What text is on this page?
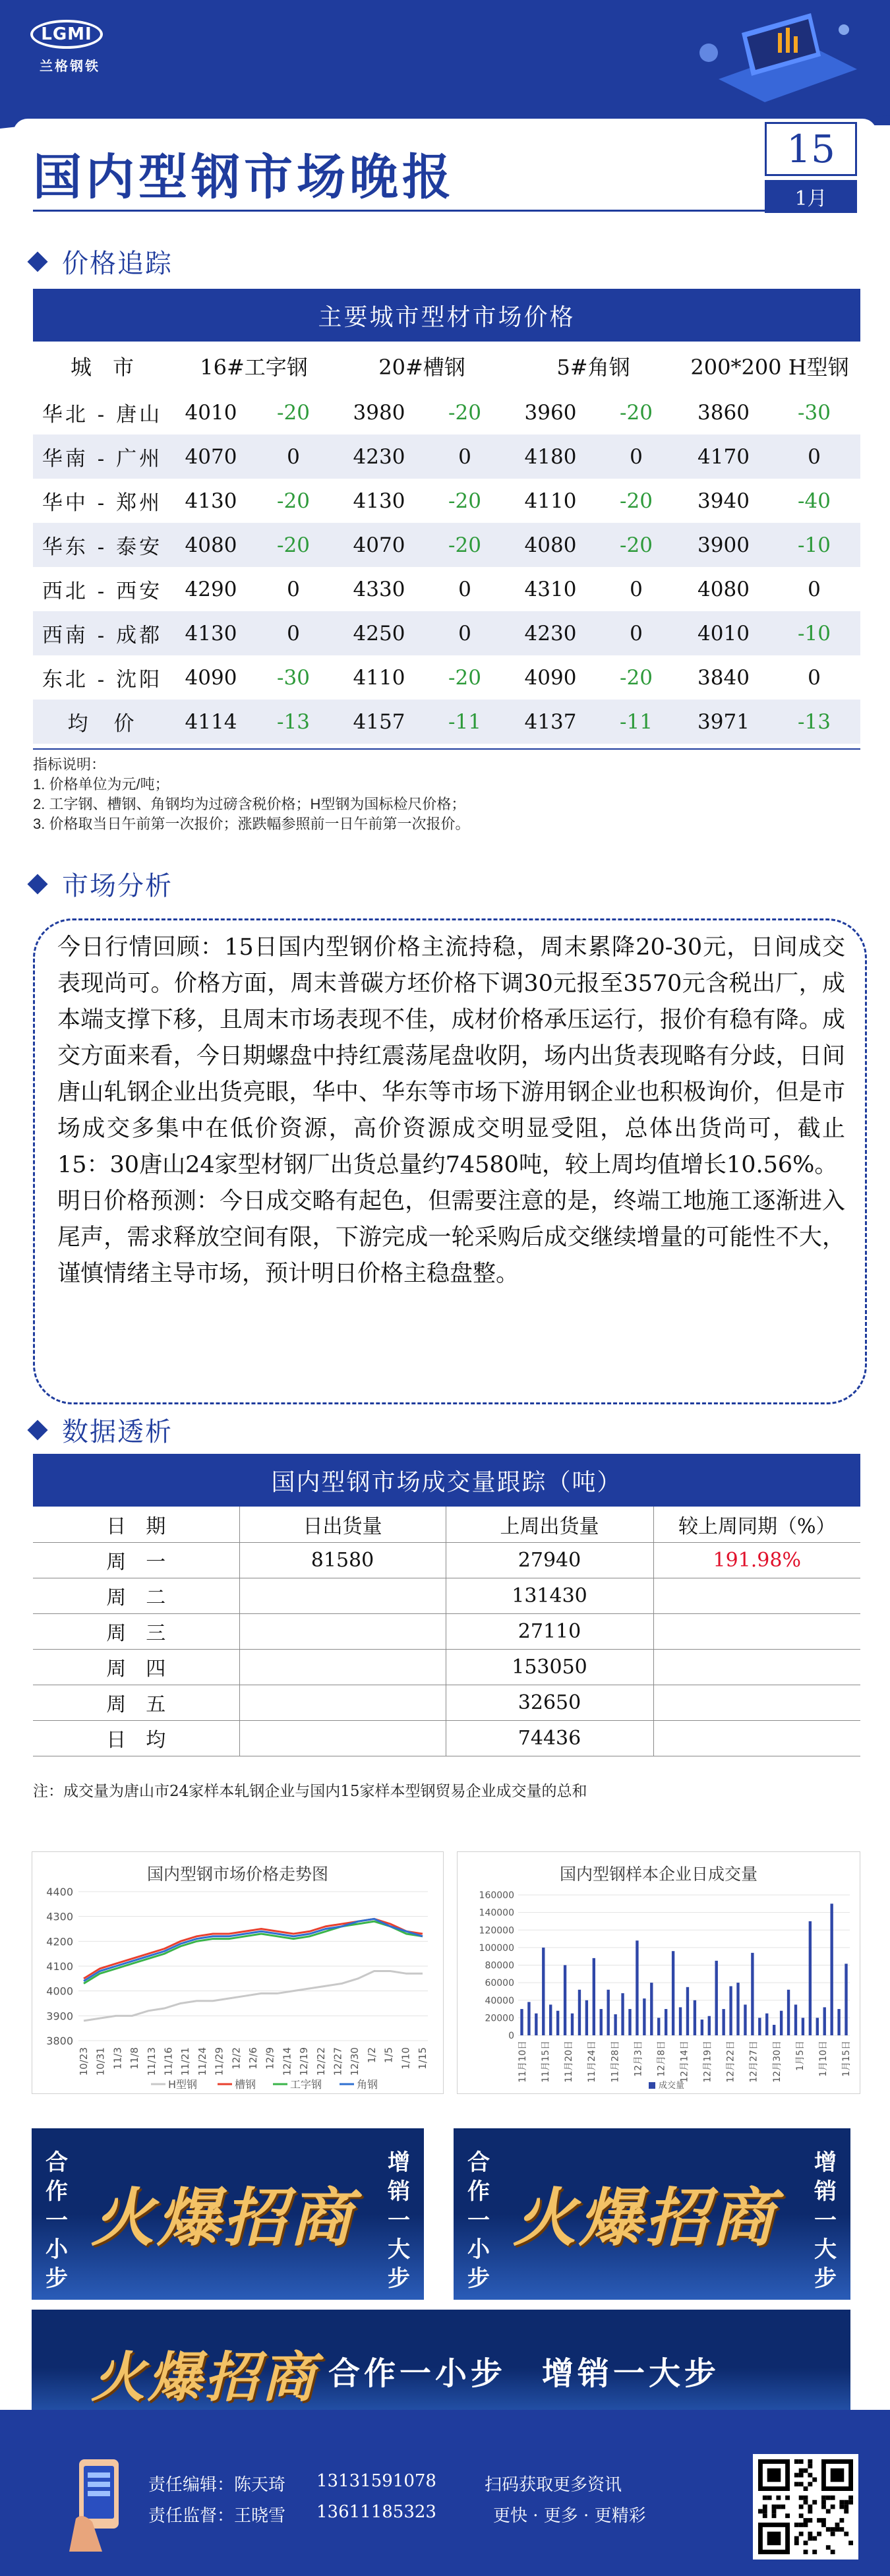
LGMI
兰格钢铁
国内型钢市场晚报	15
1月
价格追踪
主要城市型材市场价格
城　市	16#工字钢		20#槽钢		5#角钢		200*200 H型钢	
华北 - 唐山	4010	-20	3980	-20	3960	-20	3860	-30
华南 - 广州	4070	0	4230	0	4180	0	4170	0
华中 - 郑州	4130	-20	4130	-20	4110	-20	3940	-40
华东 - 泰安	4080	-20	4070	-20	4080	-20	3900	-10
西北 - 西安	4290	0	4330	0	4310	0	4080	0
西南 - 成都	4130	0	4250	0	4230	0	4010	-10
东北 - 沈阳	4090	-30	4110	-20	4090	-20	3840	0
均　价	4114	-13	4157	-11	4137	-11	3971	-13
指标说明：
1. 价格单位为元/吨；
2. 工字钢、槽钢、角钢均为过磅含税价格；H型钢为国标检尺价格；
3. 价格取当日午前第一次报价；涨跌幅参照前一日午前第一次报价。
市场分析

今日行情回顾：15日国内型钢价格主流持稳，周末累降20-30元，日间成交表现尚可。价格方面，周末普碳方坯价格下调30元报至3570元含税出厂，成本端支撑下移，且周末市场表现不佳，成材价格承压运行，报价有稳有降。成交方面来看，今日期螺盘中持红震荡尾盘收阴，场内出货表现略有分歧，日间唐山轧钢企业出货亮眼，华中、华东等市场下游用钢企业也积极询价，但是市场成交多集中在低价资源，高价资源成交明显受阻，总体出货尚可，截止15：30唐山24家型材钢厂出货总量约74580吨，较上周均值增长10.56%。

明日价格预测：今日成交略有起色，但需要注意的是，终端工地施工逐渐进入尾声，需求释放空间有限，下游完成一轮采购后成交继续增量的可能性不大，谨慎情绪主导市场，预计明日价格主稳盘整。

数据透析
国内型钢市场成交量跟踪（吨）
日　期	日出货量	上周出货量	较上周同期（%）
周一	81580	27940	191.98%
周二		131430	
周三		27110	
周四		153050	
周五		32650	
日均		74436	
注：成交量为唐山市24家样本轧钢企业与国内15家样本型钢贸易企业成交量的总和
3800
3900
4000
4100
4200
4300
4400
10/23 10/31 11/3 11/8 11/13 11/16 11/21 11/24 11/29 12/2 12/6 12/9 12/14 12/19 12/22 12/27 12/30 1/2 1/5 1/10 1/15
H型钢	槽钢	工字钢	角钢
国内型钢市场价格走势图
0
20000
40000
60000
80000
100000
120000
140000
160000
11月10日 11月15日 11月20日 11月24日 11月28日 12月3日 12月8日 12月14日 12月19日 12月22日 12月27日 12月30日 1月5日 1月10日 1月15日
成交量
国内型钢样本企业日成交量
合作一小步
火爆招商
增销一大步
合作一小步
火爆招商
增销一大步
火爆招商 合作一小步　增销一大步
责任编辑：陈天琦 13131591078
责任监督：王晓雪 13611185323
扫码获取更多资讯
更快 · 更多 · 更精彩
